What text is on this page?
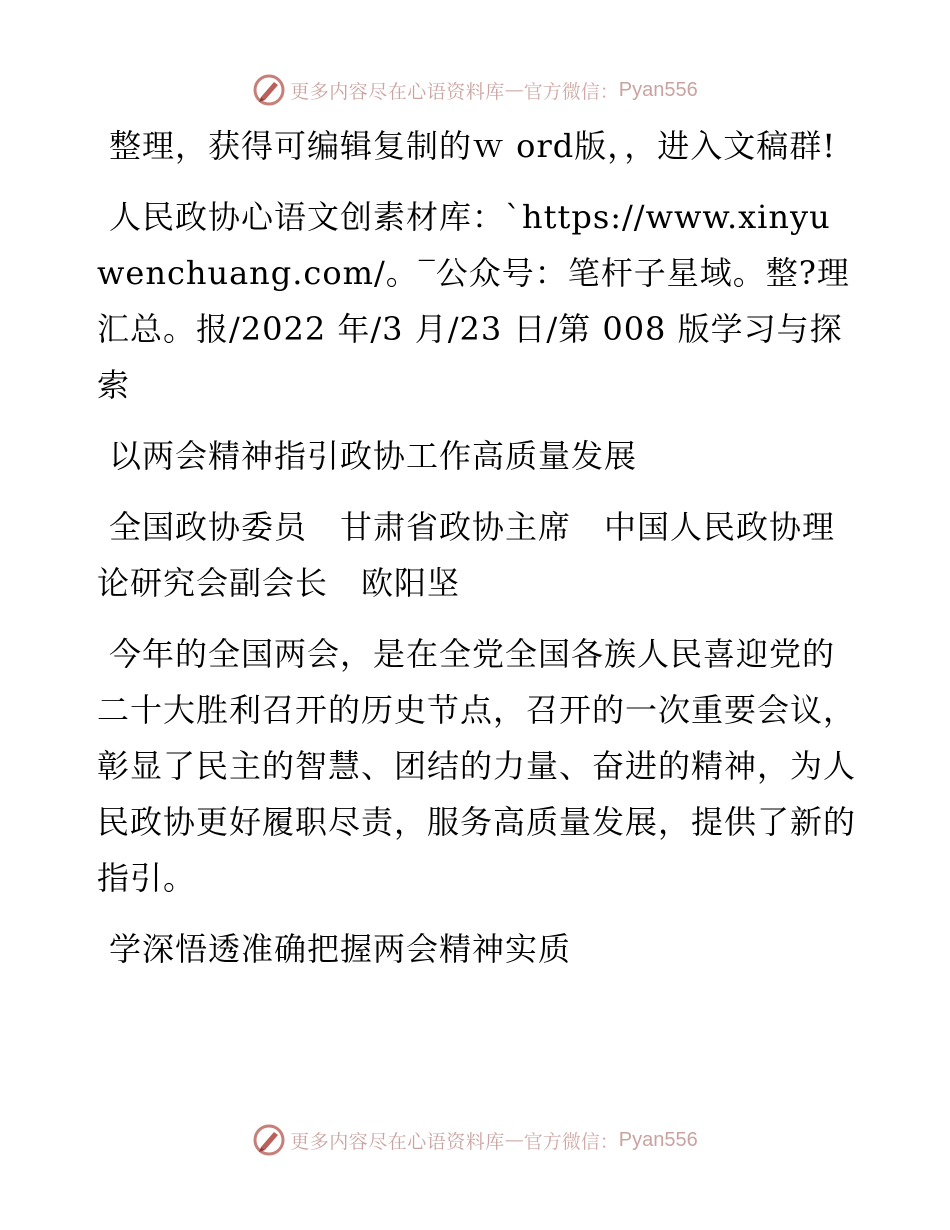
更多内容尽在心语资料库 — 官方微信： Pyan556

整理，获得可编辑复制的ｗ ord版，，进入文稿群!

人民政协心语文创素材库：`https://www.xinyuwenchuang.com/。‾公众号：笔杆子星域。整?理汇总。报/2022 年/3 月/23 日/第 008 版学习与探索

以两会精神指引政协工作高质量发展

全国政协委员　甘肃省政协主席　中国人民政协理论研究会副会长　欧阳坚

今年的全国两会，是在全党全国各族人民喜迎党的二十大胜利召开的历史节点，召开的一次重要会议，彰显了民主的智慧、团结的力量、奋进的精神，为人民政协更好履职尽责，服务高质量发展，提供了新的指引。

学深悟透准确把握两会精神实质

更多内容尽在心语资料库 — 官方微信： Pyan556
